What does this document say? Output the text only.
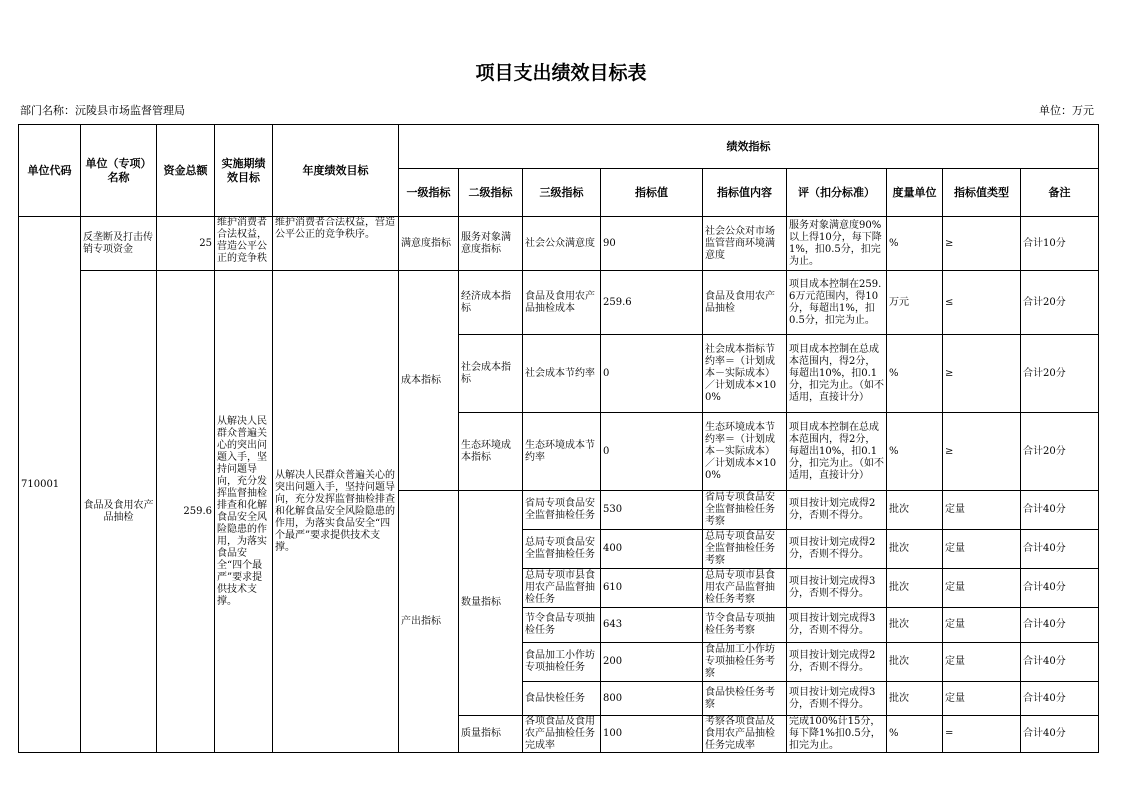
项目支出绩效目标表
部门名称：沅陵县市场监督管理局	单位：万元
单位代码	单位（专项）名称	资金总额	实施期绩效目标	年度绩效目标	绩效指标								
					一级指标	二级指标	三级指标	指标值	指标值内容	评（扣分标准）	度量单位	指标值类型	备注
710001	反垄断及打击传销专项资金	25	维护消费者合法权益，营造公平公正的竞争秩	维护消费者合法权益，营造公平公正的竞争秩序。	满意度指标	服务对象满意度指标	社会公众满意度	90	社会公众对市场监管营商环境满意度	服务对象满意度90%以上得10分，每下降1%，扣0.5分，扣完为止。	%	≥	合计10分
	食品及食用农产品抽检	259.6	从解决人民群众普遍关心的突出问题入手，坚持问题导向，充分发挥监督抽检排查和化解食品安全风险隐患的作用，为落实食品安全“四个最严”要求提供技术支撑。	从解决人民群众普遍关心的突出问题入手，坚持问题导向，充分发挥监督抽检排查和化解食品安全风险隐患的作用，为落实食品安全“四个最严”要求提供技术支撑。	成本指标	经济成本指标	食品及食用农产品抽检成本	259.6	食品及食用农产品抽检	项目成本控制在259.6万元范围内，得10分，每超出1%，扣0.5分，扣完为止。	万元	≤	合计20分
						社会成本指标	社会成本节约率	0	社会成本指标节约率＝（计划成本－实际成本）／计划成本×100%	项目成本控制在总成本范围内，得2分，每超出10%，扣0.1分，扣完为止。（如不适用，直接计分）	%	≥	合计20分
						生态环境成本指标	生态环境成本节约率	0	生态环境成本节约率＝（计划成本－实际成本）／计划成本×100%	项目成本控制在总成本范围内，得2分，每超出10%，扣0.1分，扣完为止。（如不适用，直接计分）	%	≥	合计20分
					产出指标	数量指标	省局专项食品安全监督抽检任务	530	省局专项食品安全监督抽检任务考察	项目按计划完成得2分，否则不得分。	批次	定量	合计40分
							总局专项食品安全监督抽检任务	400	总局专项食品安全监督抽检任务考察	项目按计划完成得2分，否则不得分。	批次	定量	合计40分
							总局专项市县食用农产品监督抽检任务	610	总局专项市县食用农产品监督抽检任务考察	项目按计划完成得3分，否则不得分。	批次	定量	合计40分
							节令食品专项抽检任务	643	节令食品专项抽检任务考察	项目按计划完成得3分，否则不得分。	批次	定量	合计40分
							食品加工小作坊专项抽检任务	200	食品加工小作坊专项抽检任务考察	项目按计划完成得2分，否则不得分。	批次	定量	合计40分
							食品快检任务	800	食品快检任务考察	项目按计划完成得3分，否则不得分。	批次	定量	合计40分
						质量指标	各项食品及食用农产品抽检任务完成率	100	考察各项食品及食用农产品抽检任务完成率	完成100%计15分，每下降1%扣0.5分，扣完为止。	%	=	合计40分
